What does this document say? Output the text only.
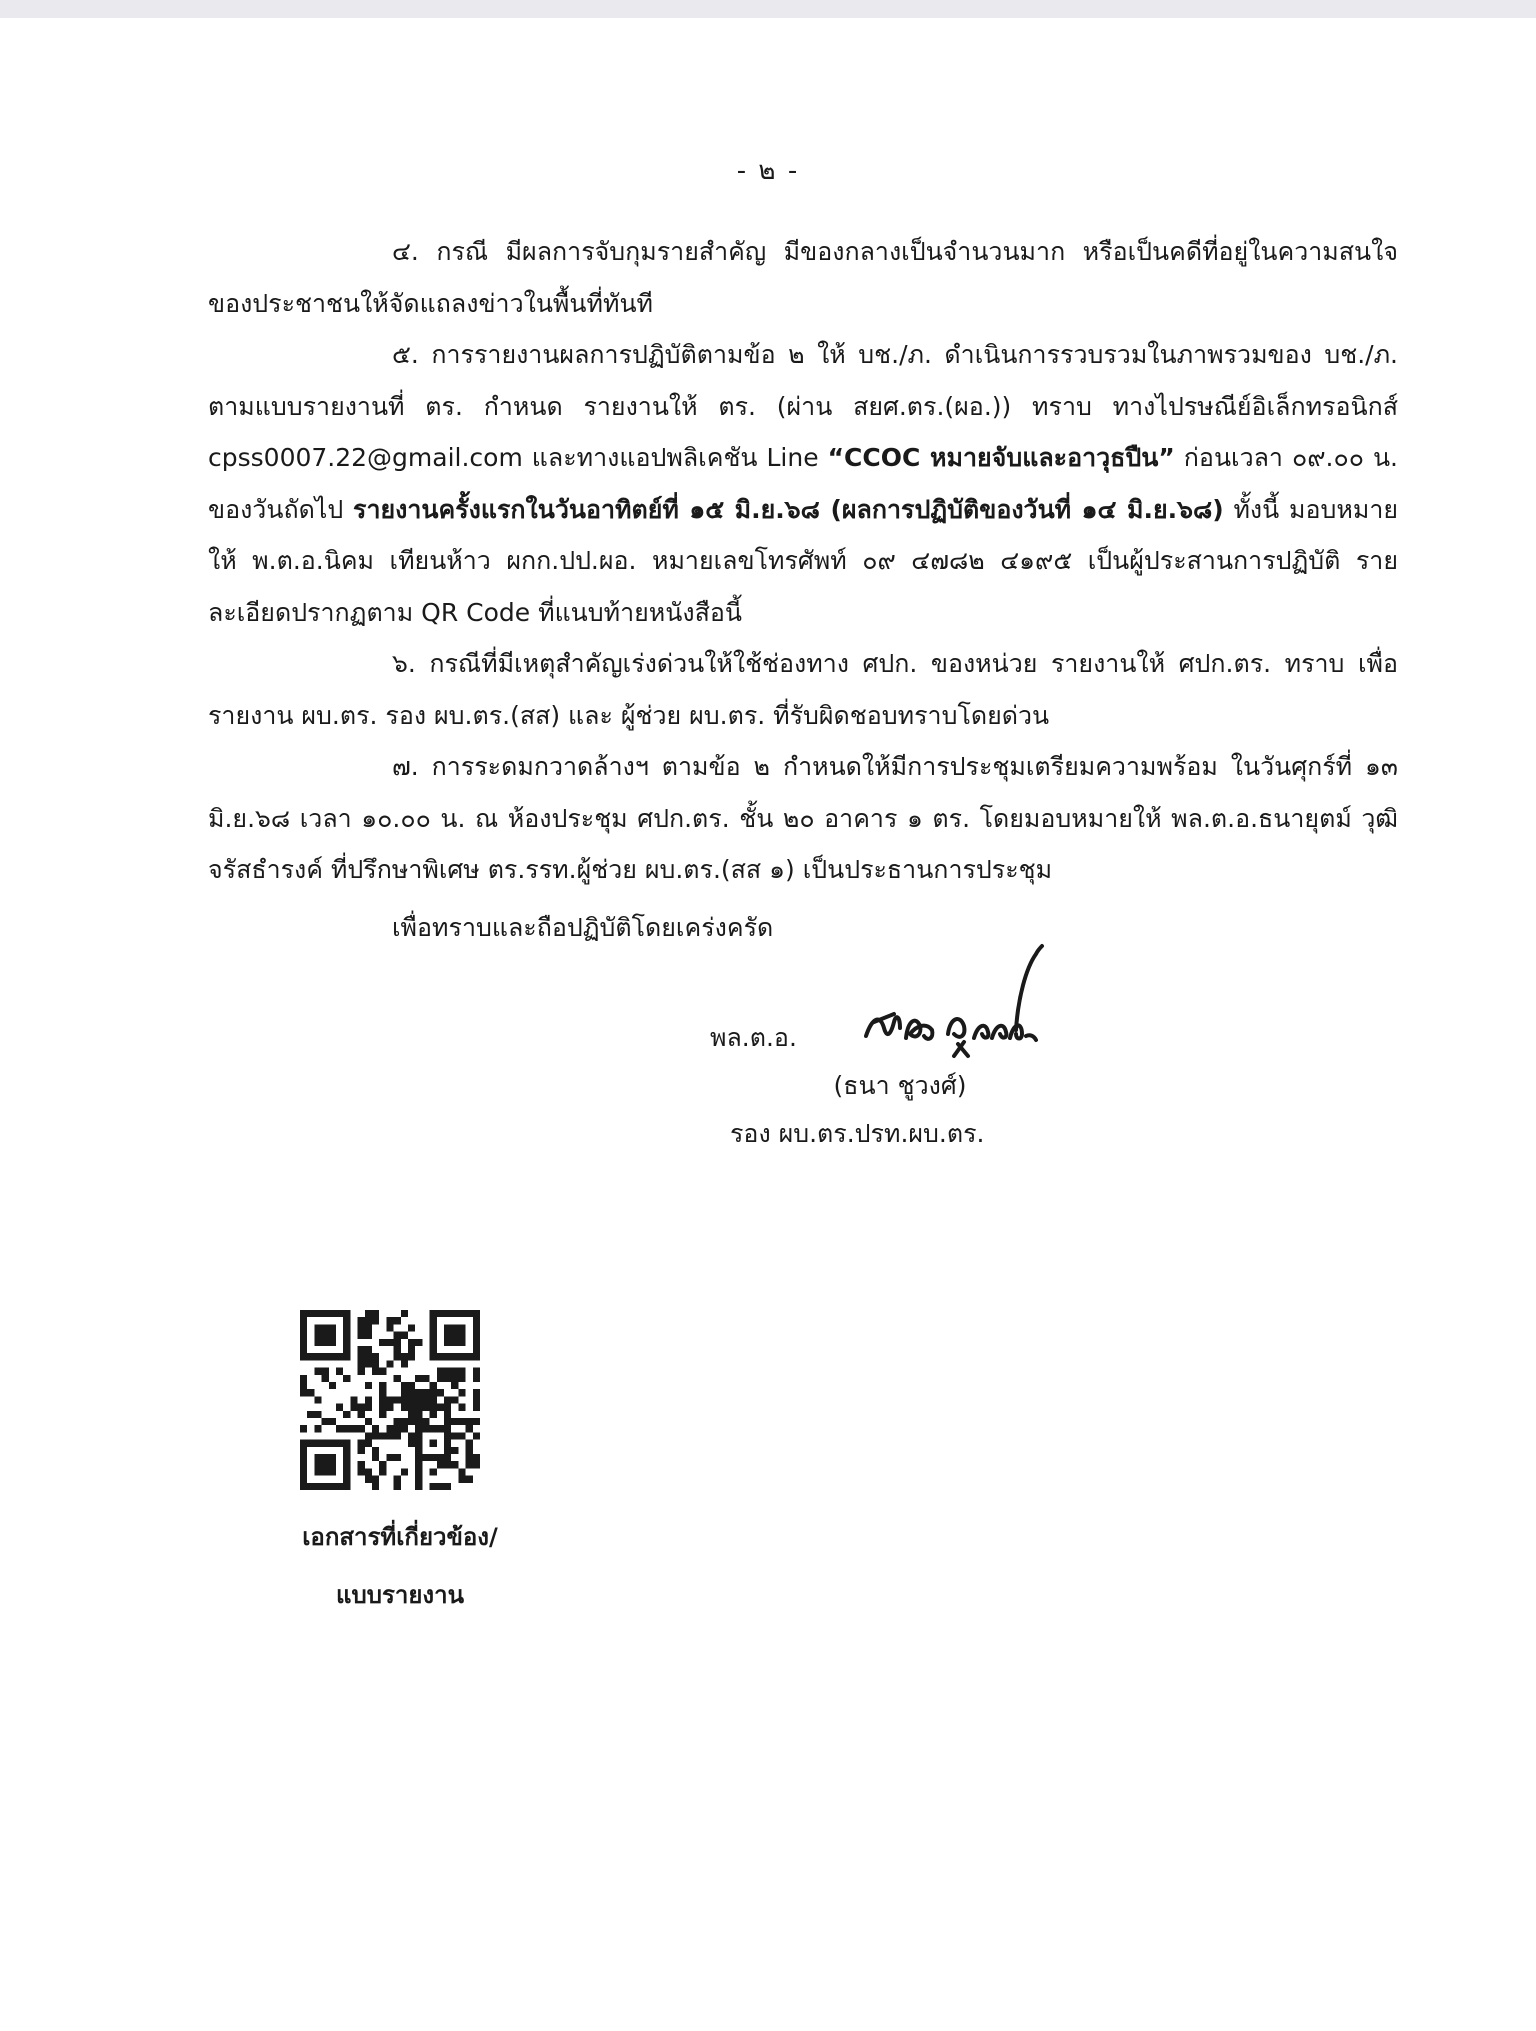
- ๒ -

๔. กรณี มีผลการจับกุมรายสำคัญ มีของกลางเป็นจำนวนมาก หรือเป็นคดีที่อยู่ในความสนใจของประชาชนให้จัดแถลงข่าวในพื้นที่ทันที

๕. การรายงานผลการปฏิบัติตามข้อ ๒ ให้ บช./ภ. ดำเนินการรวบรวมในภาพรวมของ บช./ภ. ตามแบบรายงานที่ ตร. กำหนด รายงานให้ ตร. (ผ่าน สยศ.ตร.(ผอ.)) ทราบ ทางไปรษณีย์อิเล็กทรอนิกส์ cpss0007.22@gmail.com และทางแอปพลิเคชัน Line “CCOC หมายจับและอาวุธปืน” ก่อนเวลา ๐๙.๐๐ น. ของวันถัดไป รายงานครั้งแรกในวันอาทิตย์ที่ ๑๕ มิ.ย.๖๘ (ผลการปฏิบัติของวันที่ ๑๔ มิ.ย.๖๘) ทั้งนี้ มอบหมายให้ พ.ต.อ.นิคม เทียนห้าว ผกก.ปป.ผอ. หมายเลขโทรศัพท์ ๐๙ ๔๗๘๒ ๔๑๙๕ เป็นผู้ประสานการปฏิบัติ รายละเอียดปรากฏตาม QR Code ที่แนบท้ายหนังสือนี้

๖. กรณีที่มีเหตุสำคัญเร่งด่วนให้ใช้ช่องทาง ศปก. ของหน่วย รายงานให้ ศปก.ตร. ทราบ เพื่อรายงาน ผบ.ตร. รอง ผบ.ตร.(สส) และ ผู้ช่วย ผบ.ตร. ที่รับผิดชอบทราบโดยด่วน

๗. การระดมกวาดล้างฯ ตามข้อ ๒ กำหนดให้มีการประชุมเตรียมความพร้อม ในวันศุกร์ที่ ๑๓ มิ.ย.๖๘ เวลา ๑๐.๐๐ น. ณ ห้องประชุม ศปก.ตร. ชั้น ๒๐ อาคาร ๑ ตร. โดยมอบหมายให้ พล.ต.อ.ธนายุตม์ วุฒิจรัสธำรงค์ ที่ปรึกษาพิเศษ ตร.รรท.ผู้ช่วย ผบ.ตร.(สส ๑) เป็นประธานการประชุม

เพื่อทราบและถือปฏิบัติโดยเคร่งครัด

พล.ต.อ.
(ธนา ชูวงศ์)
รอง ผบ.ตร.ปรท.ผบ.ตร.
เอกสารที่เกี่ยวข้อง/
แบบรายงาน
